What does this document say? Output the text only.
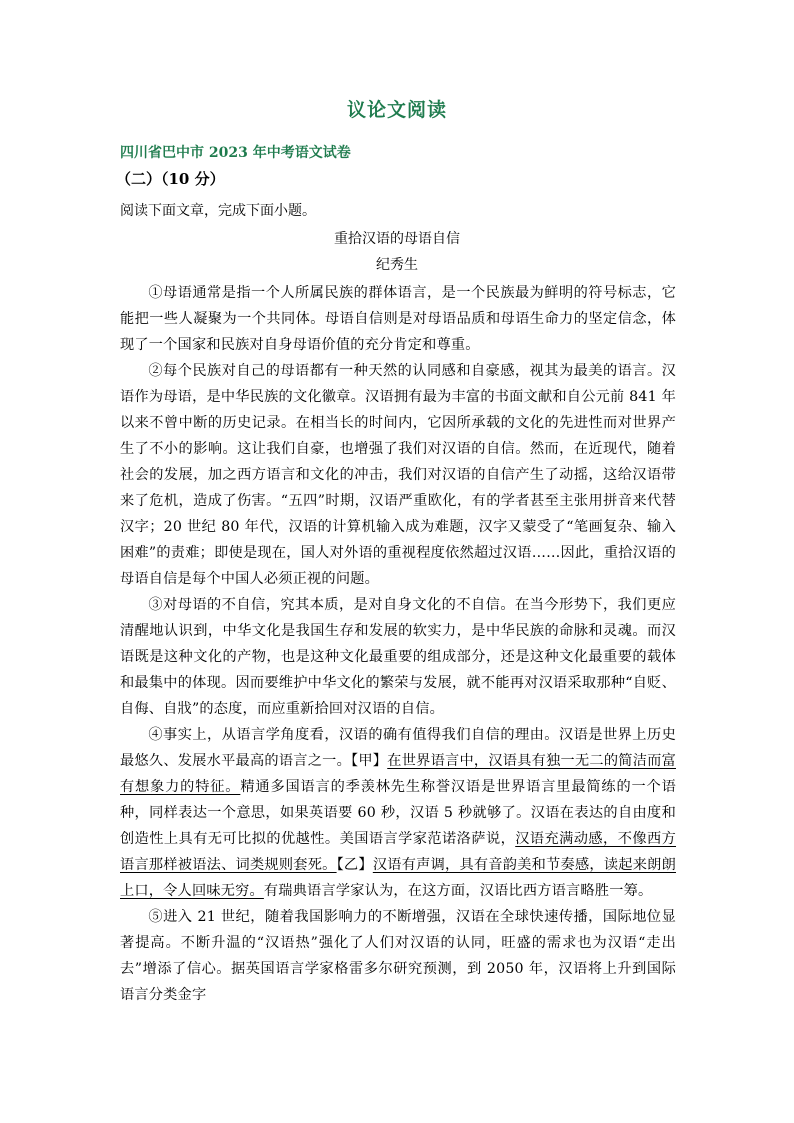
议论文阅读
四川省巴中市 2023 年中考语文试卷
（二）（10 分）
阅读下面文章，完成下面小题。
重拾汉语的母语自信
纪秀生

①母语通常是指一个人所属民族的群体语言，是一个民族最为鲜明的符号标志，它能把一些人凝聚为一个共同体。母语自信则是对母语品质和母语生命力的坚定信念，体现了一个国家和民族对自身母语价值的充分肯定和尊重。

②每个民族对自己的母语都有一种天然的认同感和自豪感，视其为最美的语言。汉语作为母语，是中华民族的文化徽章。汉语拥有最为丰富的书面文献和自公元前 841 年以来不曾中断的历史记录。在相当长的时间内，它因所承载的文化的先进性而对世界产生了不小的影响。这让我们自豪，也增强了我们对汉语的自信。然而，在近现代，随着社会的发展，加之西方语言和文化的冲击，我们对汉语的自信产生了动摇，这给汉语带来了危机，造成了伤害。“五四”时期，汉语严重欧化，有的学者甚至主张用拼音来代替汉字；20 世纪 80 年代，汉语的计算机输入成为难题，汉字又蒙受了“笔画复杂、输入困难”的责难；即使是现在，国人对外语的重视程度依然超过汉语……因此，重拾汉语的母语自信是每个中国人必须正视的问题。

③对母语的不自信，究其本质，是对自身文化的不自信。在当今形势下，我们更应清醒地认识到，中华文化是我国生存和发展的软实力，是中华民族的命脉和灵魂。而汉语既是这种文化的产物，也是这种文化最重要的组成部分，还是这种文化最重要的载体和最集中的体现。因而要维护中华文化的繁荣与发展，就不能再对汉语采取那种“自贬、自侮、自戕”的态度，而应重新拾回对汉语的自信。

④事实上，从语言学角度看，汉语的确有值得我们自信的理由。汉语是世界上历史最悠久、发展水平最高的语言之一。【甲】在世界语言中，汉语具有独一无二的简洁而富有想象力的特征。精通多国语言的季羡林先生称誉汉语是世界语言里最简练的一个语种，同样表达一个意思，如果英语要 60 秒，汉语 5 秒就够了。汉语在表达的自由度和创造性上具有无可比拟的优越性。美国语言学家范诺洛萨说，汉语充满动感，不像西方语言那样被语法、词类规则套死。【乙】汉语有声调，具有音韵美和节奏感，读起来朗朗上口，令人回味无穷。有瑞典语言学家认为，在这方面，汉语比西方语言略胜一筹。

⑤进入 21 世纪，随着我国影响力的不断增强，汉语在全球快速传播，国际地位显著提高。不断升温的“汉语热”强化了人们对汉语的认同，旺盛的需求也为汉语“走出去”增添了信心。据英国语言学家格雷多尔研究预测，到 2050 年，汉语将上升到国际语言分类金字
